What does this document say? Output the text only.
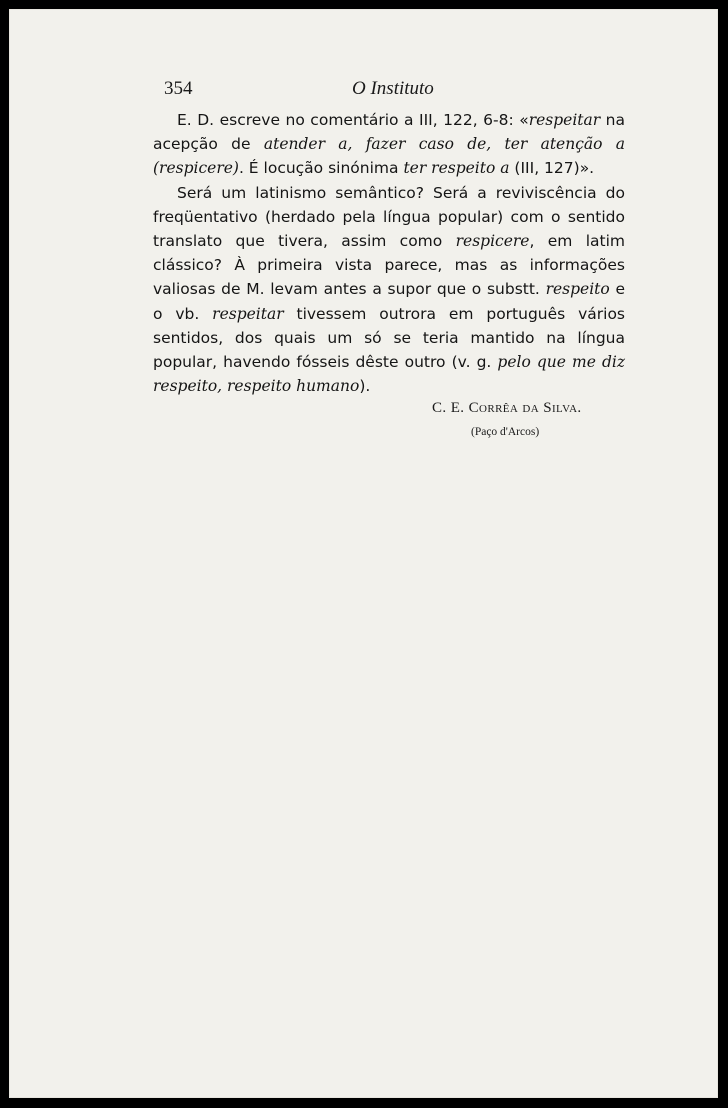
354	O Instituto

E. D. escreve no comentário a III, 122, 6-8: «respeitar na acepção de atender a, fazer caso de, ter atenção a (respicere). É locução sinónima ter respeito a (III, 127)».

Será um latinismo semântico? Será a reviviscência do freqüentativo (herdado pela língua popular) com o sentido translato que tivera, assim como respicere, em latim clássico? À primeira vista parece, mas as informações valiosas de M. levam antes a supor que o substt. respeito e o vb. respeitar tivessem outrora em português vários sentidos, dos quais um só se teria mantido na língua popular, havendo fósseis dêste outro (v. g. pelo que me diz respeito, respeito humano).

C. E. Corrêa da Silva.
(Paço d'Arcos)
